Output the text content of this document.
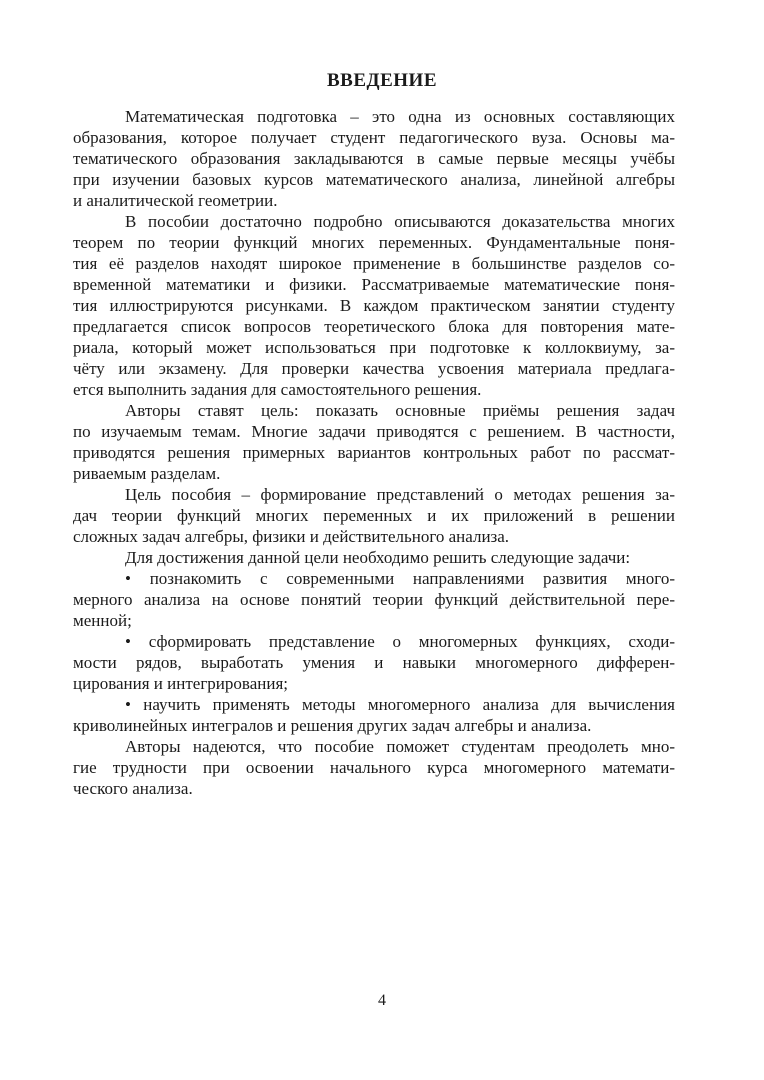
ВВЕДЕНИЕ
Математическая подготовка – это одна из основных составляющих
образования, которое получает студент педагогического вуза. Основы ма-
тематического образования закладываются в самые первые месяцы учёбы
при изучении базовых курсов математического анализа, линейной алгебры
и аналитической геометрии.
В пособии достаточно подробно описываются доказательства многих
теорем по теории функций многих переменных. Фундаментальные поня-
тия её разделов находят широкое применение в большинстве разделов со-
временной математики и физики. Рассматриваемые математические поня-
тия иллюстрируются рисунками. В каждом практическом занятии студенту
предлагается список вопросов теоретического блока для повторения мате-
риала, который может использоваться при подготовке к коллоквиуму, за-
чёту или экзамену. Для проверки качества усвоения материала предлага-
ется выполнить задания для самостоятельного решения.
Авторы ставят цель: показать основные приёмы решения задач
по изучаемым темам. Многие задачи приводятся с решением. В частности,
приводятся решения примерных вариантов контрольных работ по рассмат-
риваемым разделам.
Цель пособия – формирование представлений о методах решения за-
дач теории функций многих переменных и их приложений в решении
сложных задач алгебры, физики и действительного анализа.
Для достижения данной цели необходимо решить следующие задачи:
• познакомить с современными направлениями развития много-
мерного анализа на основе понятий теории функций действительной пере-
менной;
• сформировать представление о многомерных функциях, сходи-
мости рядов, выработать умения и навыки многомерного дифферен-
цирования и интегрирования;
• научить применять методы многомерного анализа для вычисления
криволинейных интегралов и решения других задач алгебры и анализа.
Авторы надеются, что пособие поможет студентам преодолеть мно-
гие трудности при освоении начального курса многомерного математи-
ческого анализа.
4
